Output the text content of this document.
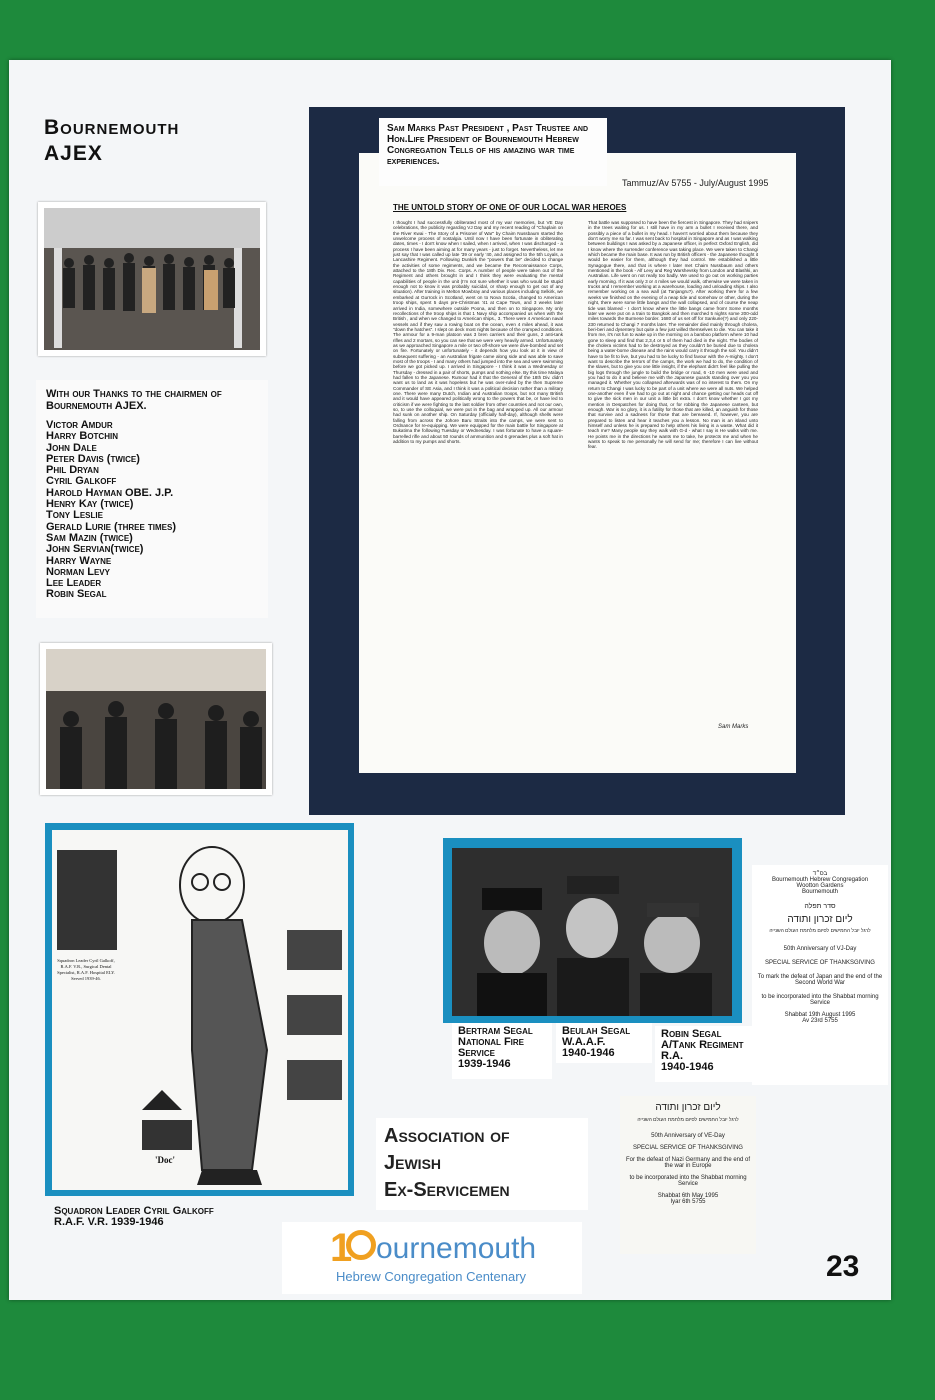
Bournemouth
AJEX
With our Thanks to the chairmen of Bournemouth AJEX.
Victor Amdur
Harry Botchin
John Dale
Peter Davis (twice)
Phil Dryan
Cyril Galkoff
Harold Hayman OBE. J.P.
Henry Kay (twice)
Tony Leslie
Gerald Lurie (three times)
Sam Mazin (twice)
John Servian(twice)
Harry Wayne
Norman Levy
Lee Leader
Robin Segal
Sam Marks Past President , Past Trustee and Hon.Life President of Bournemouth Hebrew Congregation Tells of his amazing war time experiences.
Tammuz/Av 5755 - July/August 1995
THE UNTOLD STORY OF ONE OF OUR LOCAL WAR HEROES
I thought I had successfully obliterated most of my war memories, but VE Day celebrations, the publicity regarding VJ Day and my recent reading of "Chaplain on the River Kwai - The Story of a Prisoner of War" by Chaim Nussbaum started the unwelcome process of nostalgia. Until now I have been fortunate in obliterating dates, times - I don't know when I sailed, when I arrived, when I was discharged - a process I have been aiming at for many years - just to forget. Nevertheless, let me just say that I was called up late '39 or early '40, and assigned to the 5th Loyals, a Lancashire Regiment. Following Dunkirk the "powers that be" decided to change the activities of some regiments, and we became the Reconnaissance Corps, attached to the 18th Div. Rec. Corps. A number of people were taken out of the Regiment and others brought in and I think they were evaluating the mental capabilities of people in the unit (I'm not sure whether it was who would be stupid enough not to know it was probably suicidal, or sharp enough to get out of any situation). After training in Melton Mowbray and various places including Selkirk, we embarked at Gurrock in Scotland, went on to Nova Scotia, changed to American troop ships, spent 5 days pre-Christmas '41 at Cape Town, and 3 weeks later arrived in India, somewhere outside Poona, and then on to Singapore. My only recollections of the troop ships is that 1 Navy ship accompanied us when with the British , and when we changed to American ships., 3. There were 4 American naval vessels and if they saw a rowing boat on the ocean, even 4 miles ahead, it was "down the hatches". I slept on deck most nights because of the cramped conditions. The armour for a 9-man platoon was 3 bren carriers and their guns, 2 anti-tank rifles and 2 mortars, so you can see that we were very heavily armed. Unfortunately as we approached Singapore a mile or two off-shore we were dive-bombed and set on fire. Fortunately or unfortunately - it depends how you look at it in view of subsequent suffering - an Australian frigate came along side and was able to save most of the troops - I and many others had jumped into the sea and were swimming before we got picked up. I arrived in Singapore - I think it was a Wednesday or Thursday - dressed in a pair of shorts, pumps and nothing else. By this time Malaya had fallen to the Japanese. Rumour had it that the General of the 18th Div. didn't want us to land as it was hopeless but he was over-ruled by the then Supreme Commander of SE Asia, and I think it was a political decision rather than a military one. There were many Dutch, Indian and Australian troops, but not many British and it would have appeared politically wrong to the powers that be, or have led to criticism if we were fighting to the last soldier from other countries and not our own, so, to use the colloquial, we were put in the bag and wrapped up. All our armour had sunk on another ship. On Saturday (officially half-day), although shells were falling from across the Johore Baru Straits into the camps, we were sent to Ordnance for re-equipping. We were equipped for the main battle for Singapore at Bukatima the following Tuesday or Wednesday. I was fortunate to have a square-barrelled rifle and about 50 rounds of ammunition and 6 grenades plus a soft hat in addition to my pumps and shorts.
That battle was supposed to have been the fiercest in Singapore. They had snipers in the trees waiting for us. I still have in my arm a bullet I received there, and possibly a piece of a bullet in my head. I haven't worried about them because they don't worry me so far. I was sent back to hospital in Singapore and as I was walking between buildings I was asked by a Japanese officer, in perfect Oxford English, did I know where the surrender conference was taking place. We were taken to Changi which became the main base. It was run by British officers - the Japanese thought it would be easier for them, although they had control. We established a little Synagogue there, and that is where I later met Chaim Nussbaum and others mentioned in the book - Alf Levy and Reg Warshevsky from London and Blashki, an Australian. Life went on not really too badly. We used to go out on working parties early morning. If it was only 3 or 4 miles we would walk, otherwise we were taken in trucks and I remember working at a warehouse, loading and unloading ships. I also remember working on a sea wall (at Tanjangru?). After working there for a few weeks we finished on the evening of a neap tide and somehow or other, during the night, there were some little bangs and the wall collapsed, and of course the neap tide was blamed - I don't know where the little bangs came from! Some months later we were put on a train to Bangkok and then marched 5 nights some 200-odd miles towards the Burmese border. 1680 of us set off for Sankurie(?) and only 220-230 returned to Changi 7 months later. The remainder died mainly through cholera, beri-beri and dysentery but quite a few just willed themselves to die. You can take it from me, it's not fun to wake up in the morning on a bamboo platform where 10 had gone to sleep and find that 2,3,4 or 5 of them had died in the night. The bodies of the cholera victims had to be destroyed as they couldn't be buried due to cholera being a water-borne disease and the rains would carry it through the soil. You didn't have to be fit to live, but you had to be lucky to find favour with the A-mighty. I don't want to describe the terrors of the camps, the work we had to do, the condition of the slaves, but to give you one little insight, if the elephant didn't feel like pulling the big logs through the jungle to build the bridge or road, 6 -10 men were used and you had to do it and believe me with the Japanese guards standing over you you managed it. Whether you collapsed afterwards was of no interest to them. On my return to Changi I was lucky to be part of a unit where we were all nuts. We helped one-another even if we had to go out at night and chance getting our heads cut off to give the sick men in our unit a little bit extra. I don't know whether I got my mention in Despatches for doing that, or for robbing the Japanese canteen, but enough. War is no glory, it is a futility for those that are killed, an anguish for those that survive and a sadness for those that are bereaved. If, however, you are prepared to listen and hear it teaches you a lesson. No man is an island unto himself and unless he is prepared to help others his living is a waste. What did it teach me? Many people say they walk with G-d - what I say is He walks with me. He points me in the directions he wants me to take, he protects me and when he wants to speak to me personally he will send for me; therefore I can live without fear.
Sam Marks
Squadron Leader Cyril Galkoff, R.A.F. V.R., Surgical Dental Specialist, R.A.F. Hospital ELY. Served 1939-46.
'Doc'
Squadron Leader Cyril Galkoff R.A.F. V.R. 1939-1946
Bertram Segal
National Fire Service
1939-1946
Beulah Segal
W.A.A.F.
1940-1946
Robin Segal
A/Tank Regiment R.A.
1940-1946
בס״ד
Bournemouth Hebrew Congregation
Wootton Gardens
Bournemouth
סדר תפלה
ליום זכרון ותודה
לרגל יובל החמישים לסיום מלחמת העולם השנייה
50th Anniversary of VJ-Day
SPECIAL SERVICE OF THANKSGIVING
To mark the defeat of Japan and the end of the Second World War
to be incorporated into the Shabbat morning Service
Shabbat 19th August 1995
Av 23rd 5755
Association of
Jewish
Ex-Servicemen
ליום זכרון ותודה
לרגל יובל החמישים לסיום מלחמת העולם השנייה
50th Anniversary of VE-Day
SPECIAL SERVICE OF THANKSGIVING
For the defeat of Nazi Germany and the end of the war in Europe
to be incorporated into the Shabbat morning Service
Shabbat 6th May 1995
Iyar 6th 5755
1 ournemouth
Hebrew Congregation Centenary	23
